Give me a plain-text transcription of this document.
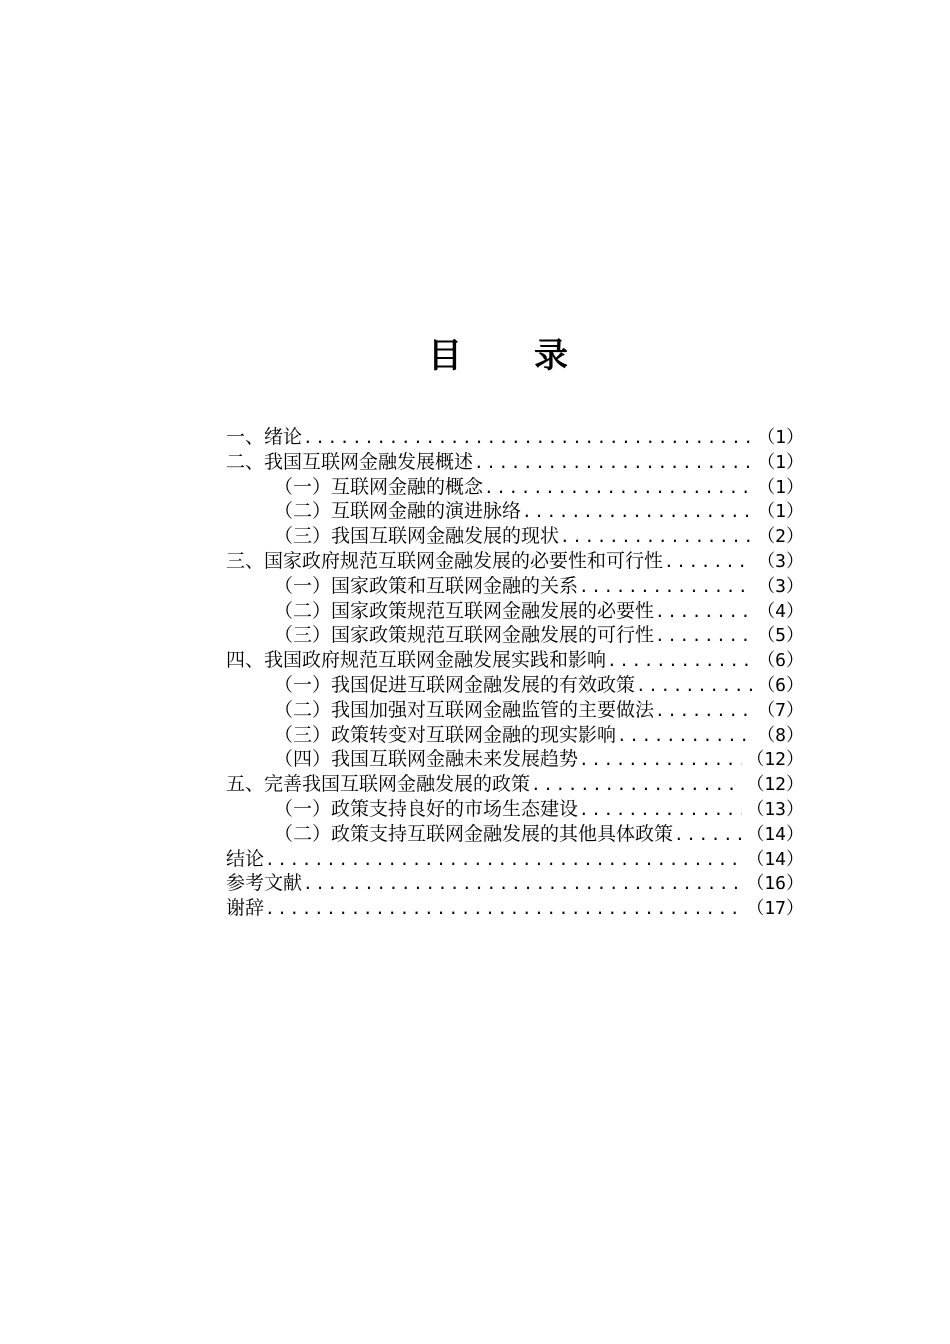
目 录
一、绪论 .....	（1）
二、我国互联网金融发展概述 .....	（1）
（一）互联网金融的概念 .....	（1）
（二）互联网金融的演进脉络 .....	（1）
（三）我国互联网金融发展的现状 .....	（2）
三、国家政府规范互联网金融发展的必要性和可行性 .....	（3）
（一）国家政策和互联网金融的关系 .....	（3）
（二）国家政策规范互联网金融发展的必要性 .....	（4）
（三）国家政策规范互联网金融发展的可行性 .....	（5）
四、我国政府规范互联网金融发展实践和影响 .....	（6）
（一）我国促进互联网金融发展的有效政策 .....	（6）
（二）我国加强对互联网金融监管的主要做法 .....	（7）
（三）政策转变对互联网金融的现实影响 .....	（8）
（四）我国互联网金融未来发展趋势 .....	（12）
五、完善我国互联网金融发展的政策 .....	（12）
（一）政策支持良好的市场生态建设 .....	（13）
（二）政策支持互联网金融发展的其他具体政策 .....	（14）
结论 .....	（14）
参考文献 .....	（16）
谢辞 .....	（17）
